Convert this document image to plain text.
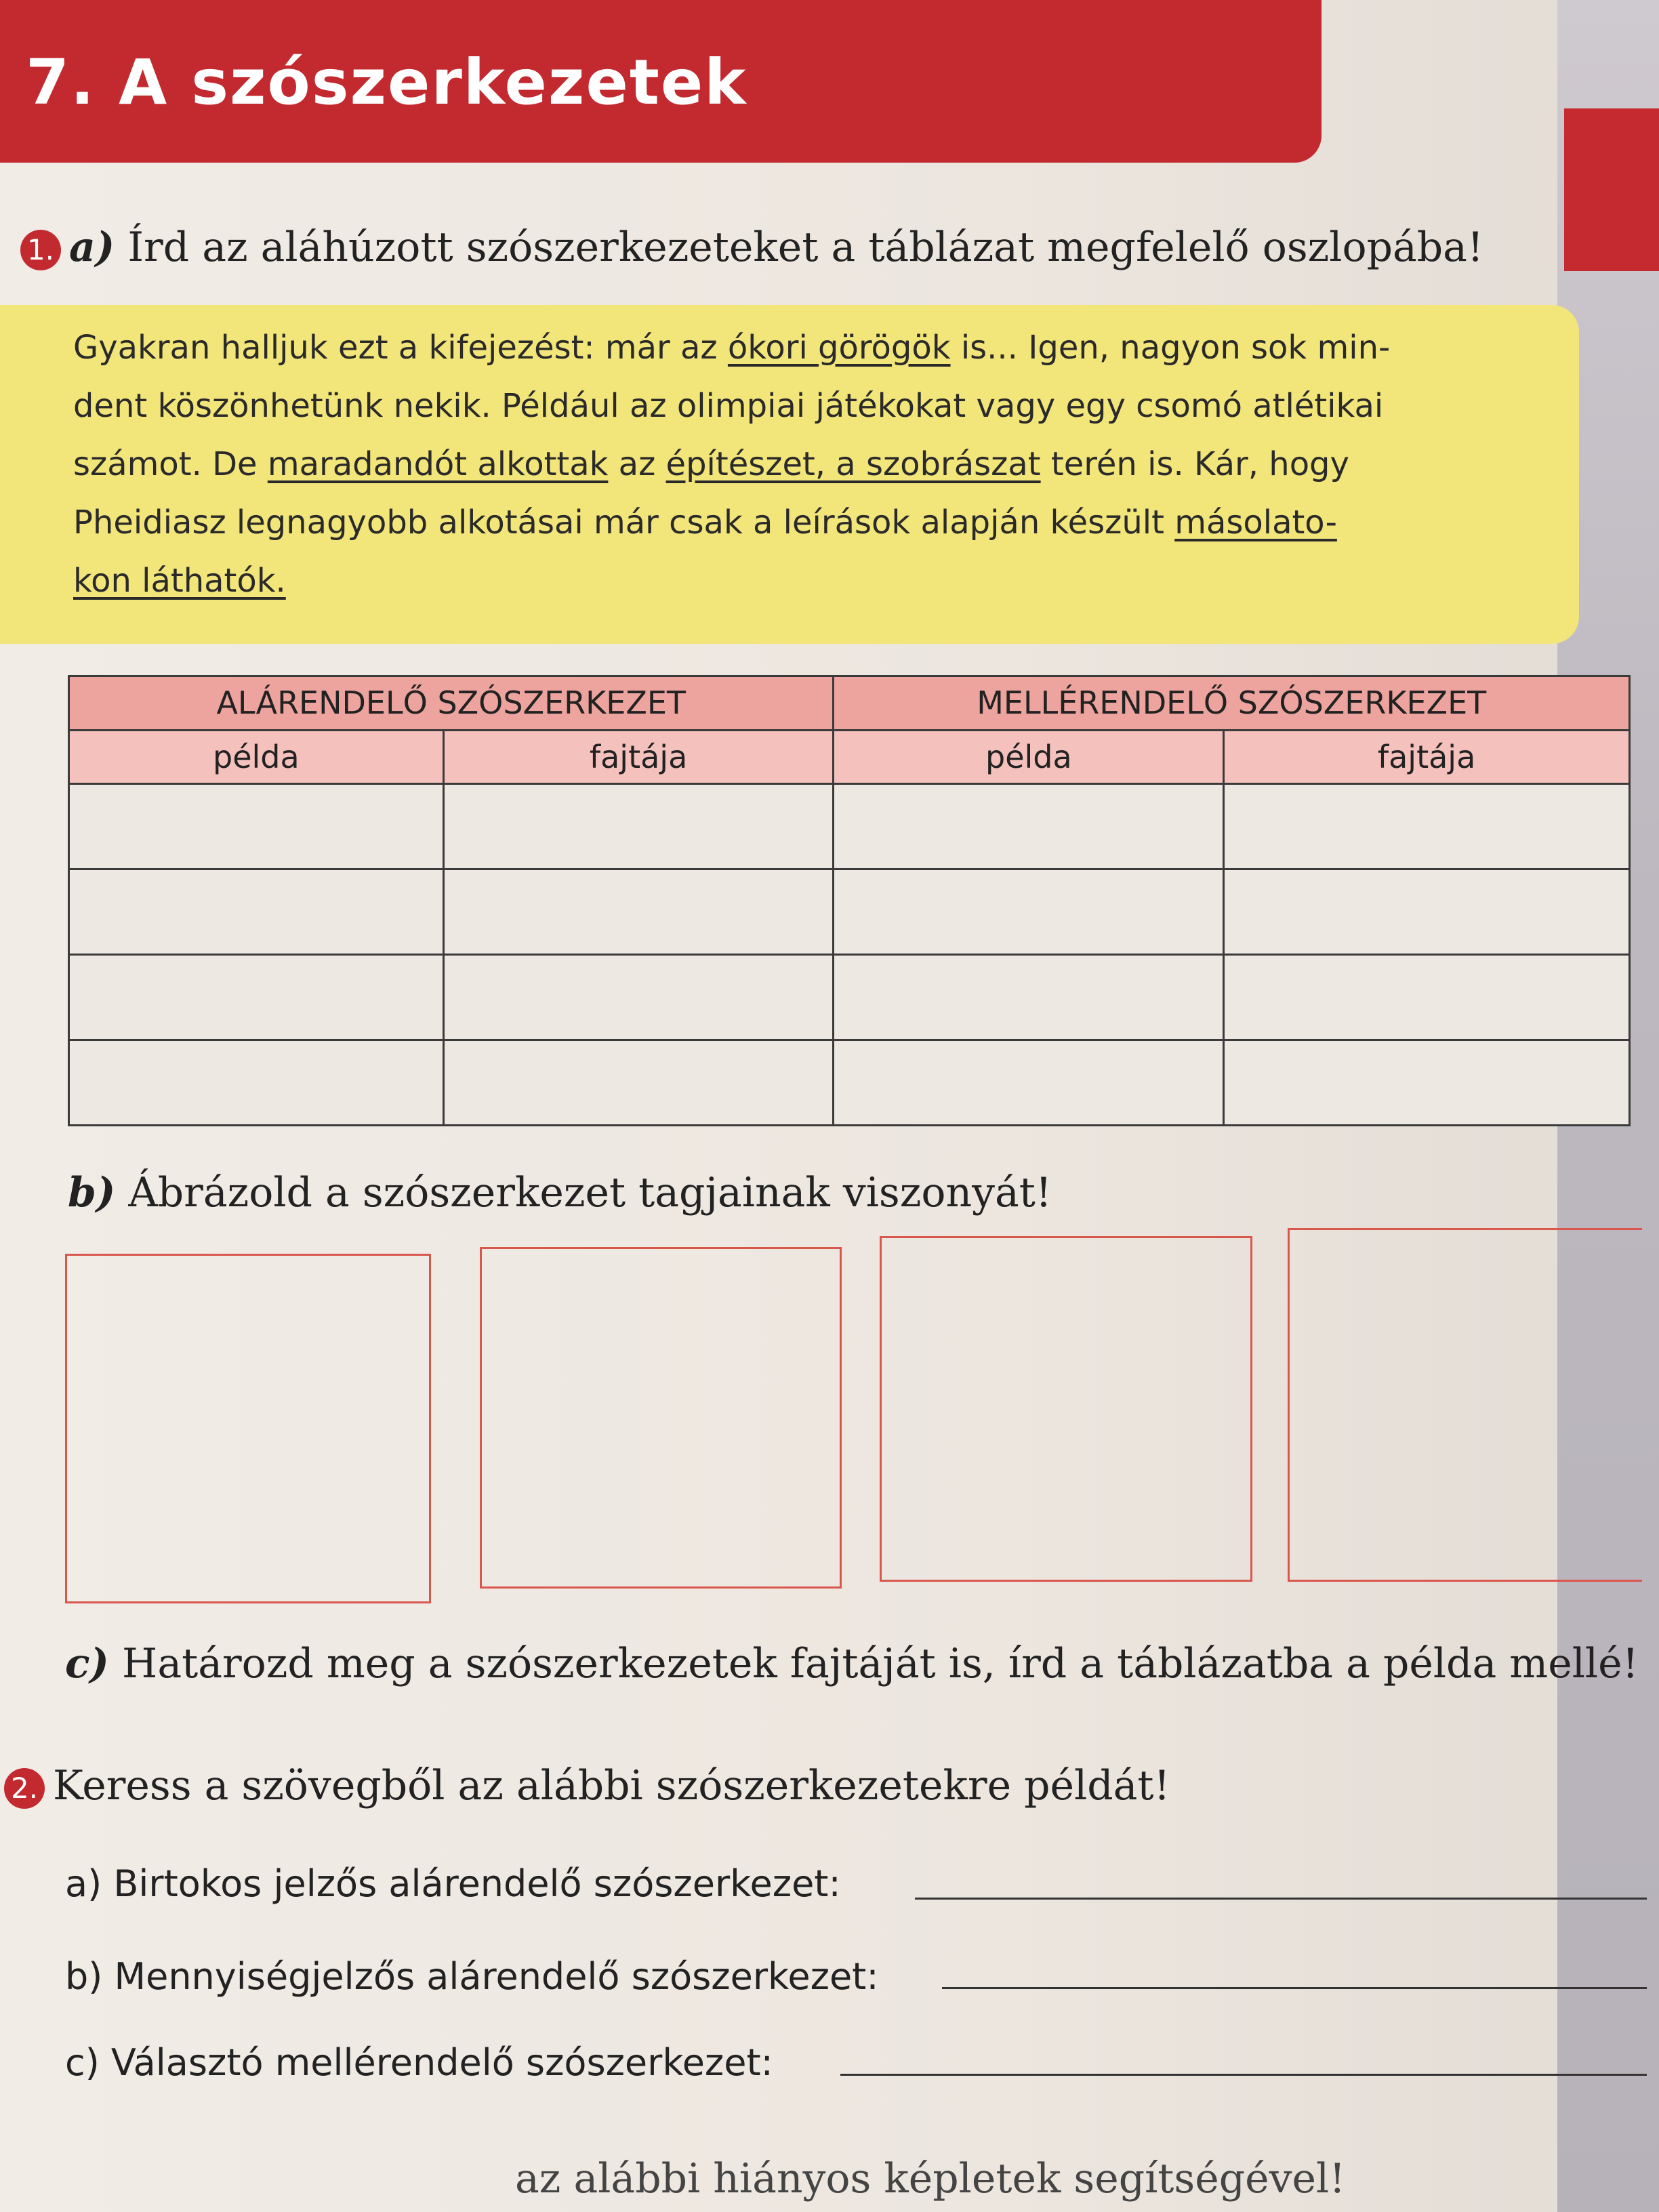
7. A szószerkezetek
1. a) Írd az aláhúzott szószerkezeteket a táblázat megfelelő oszlopába!
Gyakran halljuk ezt a kifejezést: már az ókori görögök is... Igen, nagyon sok min-
dent köszönhetünk nekik. Például az olimpiai játékokat vagy egy csomó atlétikai
számot. De maradandót alkottak az építészet, a szobrászat terén is. Kár, hogy
Pheidiasz legnagyobb alkotásai már csak a leírások alapján készült másolato-
kon láthatók.
ALÁRENDELŐ SZÓSZERKEZET		MELLÉRENDELŐ SZÓSZERKEZET	
példa	fajtája	példa	fajtája

b) Ábrázold a szószerkezet tagjainak viszonyát!
c) Határozd meg a szószerkezetek fajtáját is, írd a táblázatba a példa mellé!
2. Keress a szövegből az alábbi szószerkezetekre példát!
a) Birtokos jelzős alárendelő szószerkezet:
b) Mennyiségjelzős alárendelő szószerkezet:
c) Választó mellérendelő szószerkezet:
az alábbi hiányos képletek segítségével!
